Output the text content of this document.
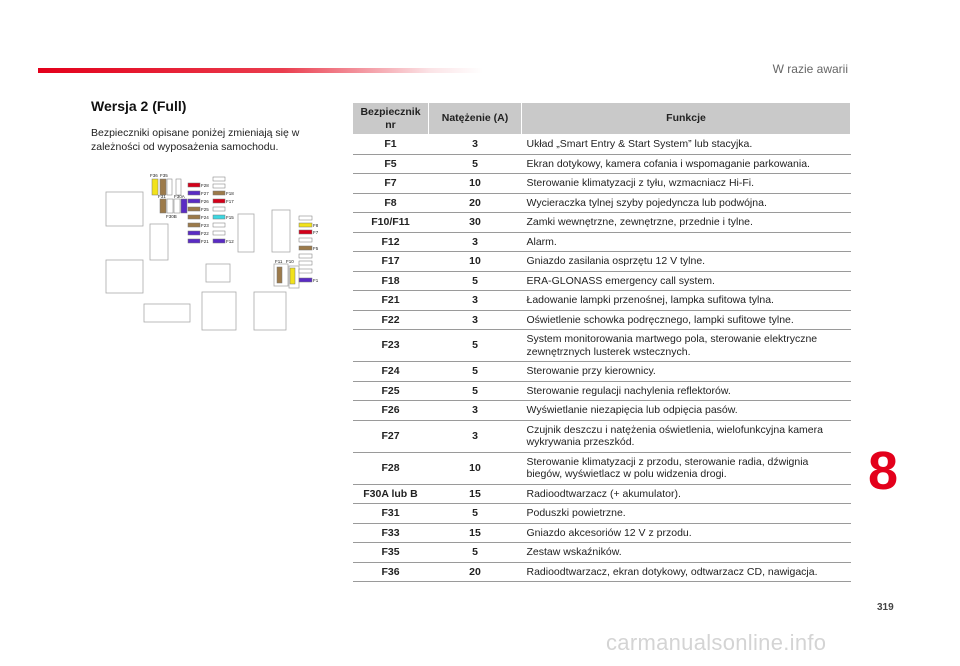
W razie awarii
Wersja 2 (Full)
Bezpieczniki opisane poniżej zmieniają się w zależności od wyposażenia samochodu.
F36 F35
F31 F30A
F30B
F28
F27
F26
F25
F24
F23
F22
F21
F18
F17
F15
F12
F11 F10
F8
F7
F5
F1
Bezpiecznik nr	Natężenie (A)	Funkcje
F1	3	Układ „Smart Entry & Start System” lub stacyjka.
F5	5	Ekran dotykowy, kamera cofania i wspomaganie parkowania.
F7	10	Sterowanie klimatyzacji z tyłu, wzmacniacz Hi-Fi.
F8	20	Wycieraczka tylnej szyby pojedyncza lub podwójna.
F10/F11	30	Zamki wewnętrzne, zewnętrzne, przednie i tylne.
F12	3	Alarm.
F17	10	Gniazdo zasilania osprzętu 12 V tylne.
F18	5	ERA-GLONASS emergency call system.
F21	3	Ładowanie lampki przenośnej, lampka sufitowa tylna.
F22	3	Oświetlenie schowka podręcznego, lampki sufitowe tylne.
F23	5	System monitorowania martwego pola, sterowanie elektryczne zewnętrznych lusterek wstecznych.
F24	5	Sterowanie przy kierownicy.
F25	5	Sterowanie regulacji nachylenia reflektorów.
F26	3	Wyświetlanie niezapięcia lub odpięcia pasów.
F27	3	Czujnik deszczu i natężenia oświetlenia, wielofunkcyjna kamera wykrywania przeszkód.
F28	10	Sterowanie klimatyzacji z przodu, sterowanie radia, dźwignia biegów, wyświetlacz w polu widzenia drogi.
F30A lub B	15	Radioodtwarzacz (+ akumulator).
F31	5	Poduszki powietrzne.
F33	15	Gniazdo akcesoriów 12 V z przodu.
F35	5	Zestaw wskaźników.
F36	20	Radioodtwarzacz, ekran dotykowy, odtwarzacz CD, nawigacja.
8
319
carmanualsonline.info
